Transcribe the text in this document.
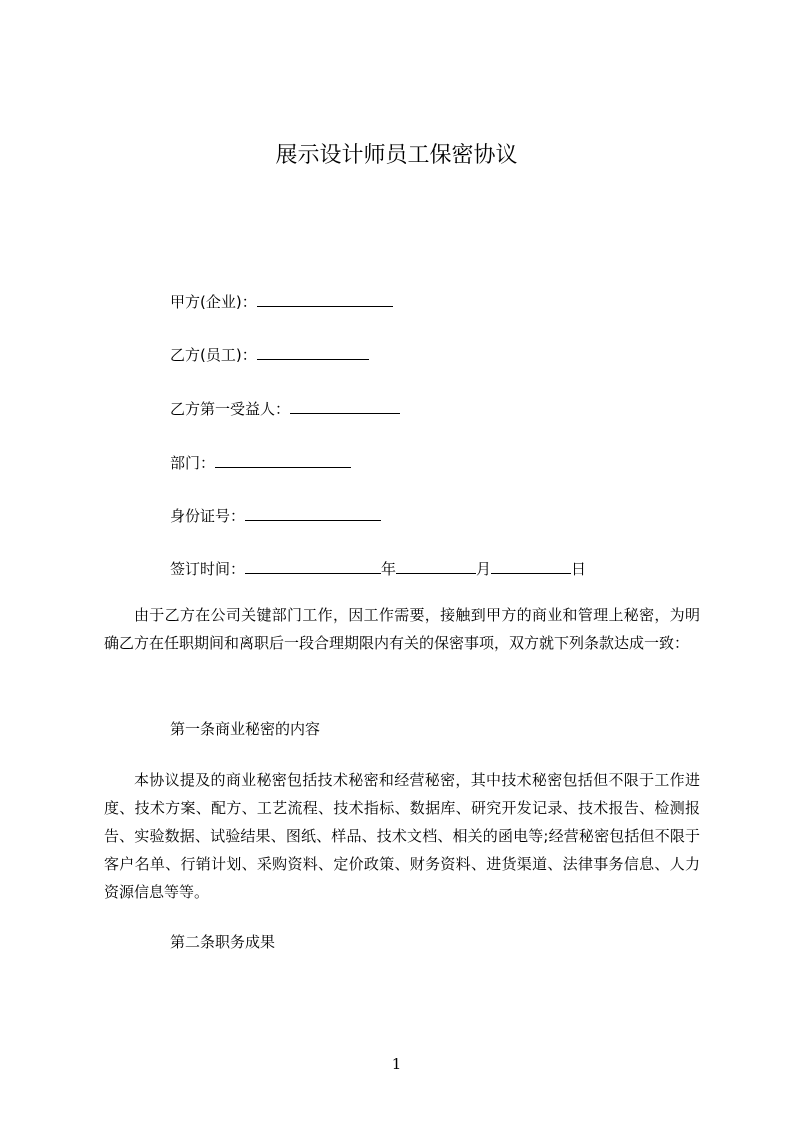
展示设计师员工保密协议
甲方(企业)：
乙方(员工)：
乙方第一受益人：
部门：
身份证号：
签订时间：	年	月	日
由于乙方在公司关键部门工作，因工作需要，接触到甲方的商业和管理上秘密，为明确乙方在任职期间和离职后一段合理期限内有关的保密事项，双方就下列条款达成一致：
第一条商业秘密的内容
本协议提及的商业秘密包括技术秘密和经营秘密，其中技术秘密包括但不限于工作进度、技术方案、配方、工艺流程、技术指标、数据库、研究开发记录、技术报告、检测报告、实验数据、试验结果、图纸、样品、技术文档、相关的函电等;经营秘密包括但不限于客户名单、行销计划、采购资料、定价政策、财务资料、进货渠道、法律事务信息、人力资源信息等等。
第二条职务成果
1
